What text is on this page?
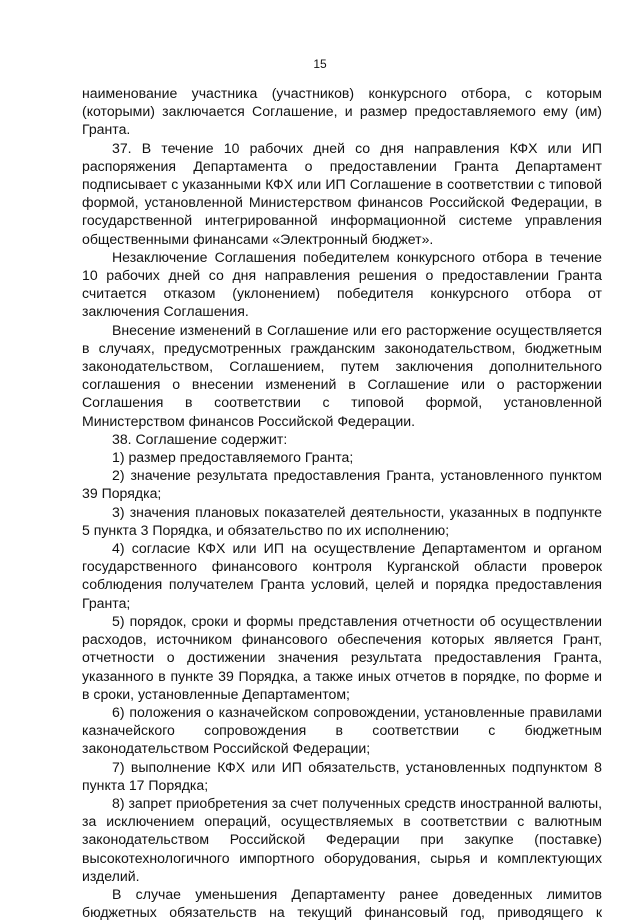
15

наименование участника (участников) конкурсного отбора, с которым (которыми) заключается Соглашение, и размер предоставляемого ему (им) Гранта.

37. В течение 10 рабочих дней со дня направления КФХ или ИП распоряжения Департамента о предоставлении Гранта Департамент подписывает с указанными КФХ или ИП Соглашение в соответствии с типовой формой, установленной Министерством финансов Российской Федерации, в государственной интегрированной информационной системе управления общественными финансами «Электронный бюджет».

Незаключение Соглашения победителем конкурсного отбора в течение 10 рабочих дней со дня направления решения о предоставлении Гранта считается отказом (уклонением) победителя конкурсного отбора от заключения Соглашения.

Внесение изменений в Соглашение или его расторжение осуществляется в случаях, предусмотренных гражданским законодательством, бюджетным законодательством, Соглашением, путем заключения дополнительного соглашения о внесении изменений в Соглашение или о расторжении Соглашения в соответствии с типовой формой, установленной Министерством финансов Российской Федерации.

38. Соглашение содержит:

1) размер предоставляемого Гранта;

2) значение результата предоставления Гранта, установленного пунктом 39 Порядка;

3) значения плановых показателей деятельности, указанных в подпункте 5 пункта 3 Порядка, и обязательство по их исполнению;

4) согласие КФХ или ИП на осуществление Департаментом и органом государственного финансового контроля Курганской области проверок соблюдения получателем Гранта условий, целей и порядка предоставления Гранта;

5) порядок, сроки и формы представления отчетности об осуществлении расходов, источником финансового обеспечения которых является Грант, отчетности о достижении значения результата предоставления Гранта, указанного в пункте 39 Порядка, а также иных отчетов в порядке, по форме и в сроки, установленные Департаментом;

6) положения о казначейском сопровождении, установленные правилами казначейского сопровождения в соответствии с бюджетным законодательством Российской Федерации;

7) выполнение КФХ или ИП обязательств, установленных подпунктом 8 пункта 17 Порядка;

8) запрет приобретения за счет полученных средств иностранной валюты, за исключением операций, осуществляемых в соответствии с валютным законодательством Российской Федерации при закупке (поставке) высокотехнологичного импортного оборудования, сырья и комплектующих изделий.

В случае уменьшения Департаменту ранее доведенных лимитов бюджетных обязательств на текущий финансовый год, приводящего к
